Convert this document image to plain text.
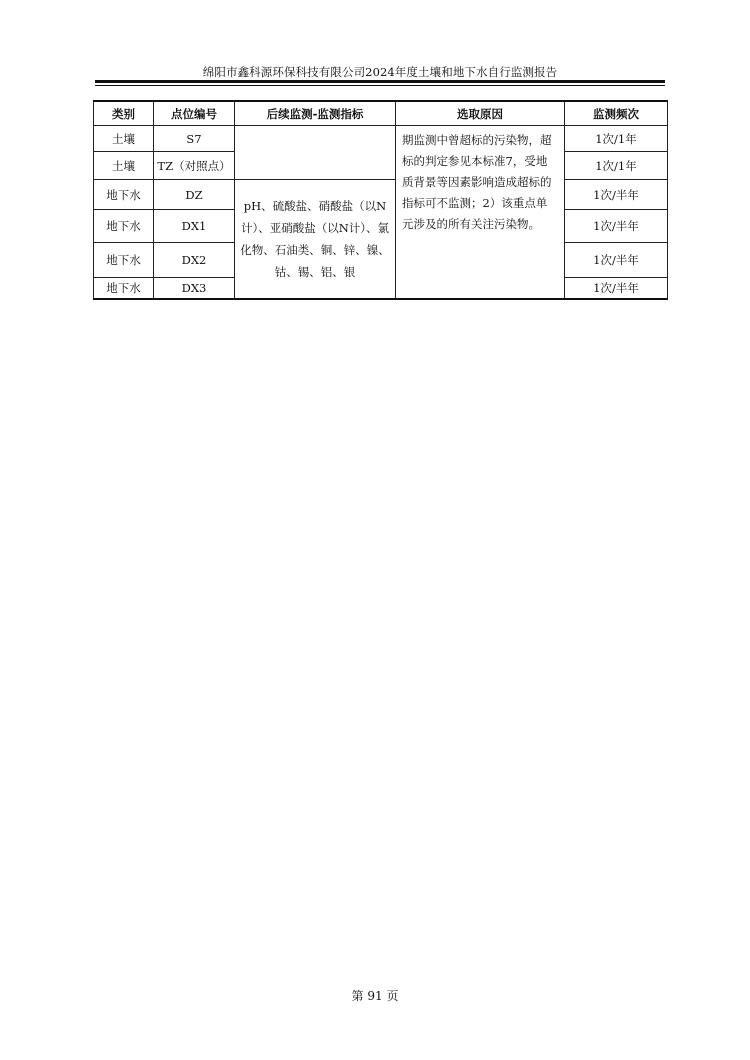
绵阳市鑫科源环保科技有限公司2024年度土壤和地下水自行监测报告
类别	点位编号	后续监测-监测指标	选取原因	监测频次
土壤	S7		期监测中曾超标的污染物，超标的判定参见本标准7，受地质背景等因素影响造成超标的指标可不监测；2）该重点单元涉及的所有关注污染物。	1次/1年
土壤	TZ（对照点）			1次/1年
地下水	DZ	pH、硫酸盐、硝酸盐（以N计）、亚硝酸盐（以N计）、氯化物、石油类、铜、锌、镍、钴、锡、铝、银		1次/半年
地下水	DX1			1次/半年
地下水	DX2			1次/半年
地下水	DX3			1次/半年
第 91 页
